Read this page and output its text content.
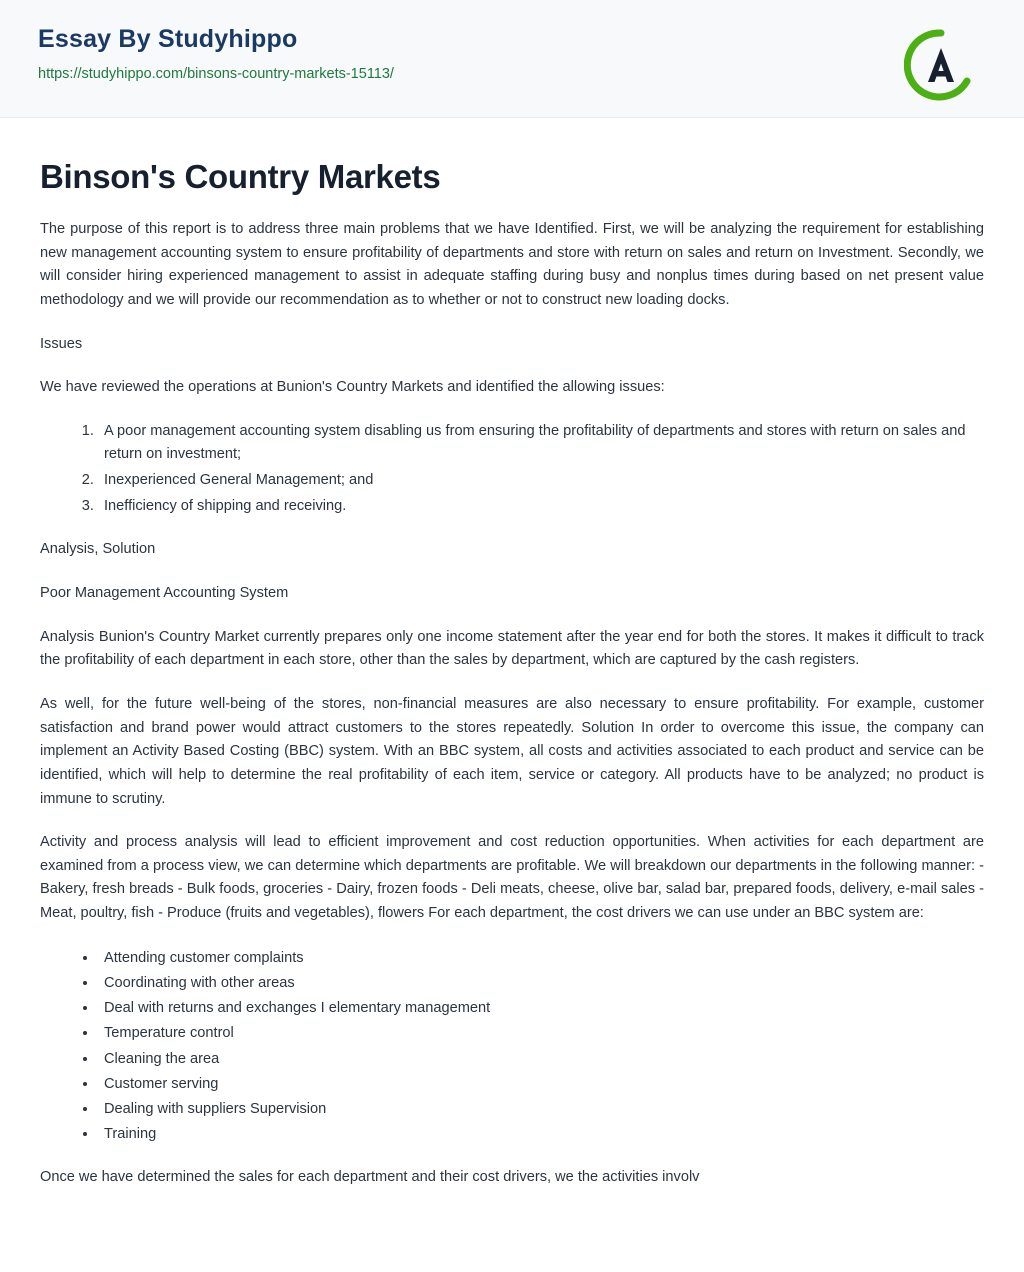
Essay By Studyhippo
https://studyhippo.com/binsons-country-markets-15113/
Binson's Country Markets

The purpose of this report is to address three main problems that we have Identified. First, we will be analyzing the requirement for establishing new management accounting system to ensure profitability of departments and store with return on sales and return on Investment. Secondly, we will consider hiring experienced management to assist in adequate staffing during busy and nonplus times during based on net present value methodology and we will provide our recommendation as to whether or not to construct new loading docks.

Issues

We have reviewed the operations at Bunion's Country Markets and identified the allowing issues:

1. A poor management accounting system disabling us from ensuring the profitability of departments and stores with return on sales and return on investment;
2. Inexperienced General Management; and
3. Inefficiency of shipping and receiving.

Analysis, Solution

Poor Management Accounting System

Analysis Bunion's Country Market currently prepares only one income statement after the year end for both the stores. It makes it difficult to track the profitability of each department in each store, other than the sales by department, which are captured by the cash registers.

As well, for the future well-being of the stores, non-financial measures are also necessary to ensure profitability. For example, customer satisfaction and brand power would attract customers to the stores repeatedly. Solution In order to overcome this issue, the company can implement an Activity Based Costing (BBC) system. With an BBC system, all costs and activities associated to each product and service can be identified, which will help to determine the real profitability of each item, service or category. All products have to be analyzed; no product is immune to scrutiny.

Activity and process analysis will lead to efficient improvement and cost reduction opportunities. When activities for each department are examined from a process view, we can determine which departments are profitable. We will breakdown our departments in the following manner: - Bakery, fresh breads - Bulk foods, groceries - Dairy, frozen foods - Deli meats, cheese, olive bar, salad bar, prepared foods, delivery, e-mail sales - Meat, poultry, fish - Produce (fruits and vegetables), flowers For each department, the cost drivers we can use under an BBC system are:

• Attending customer complaints
• Coordinating with other areas
• Deal with returns and exchanges I elementary management
• Temperature control
• Cleaning the area
• Customer serving
• Dealing with suppliers Supervision
• Training

Once we have determined the sales for each department and their cost drivers, we the activities involv
